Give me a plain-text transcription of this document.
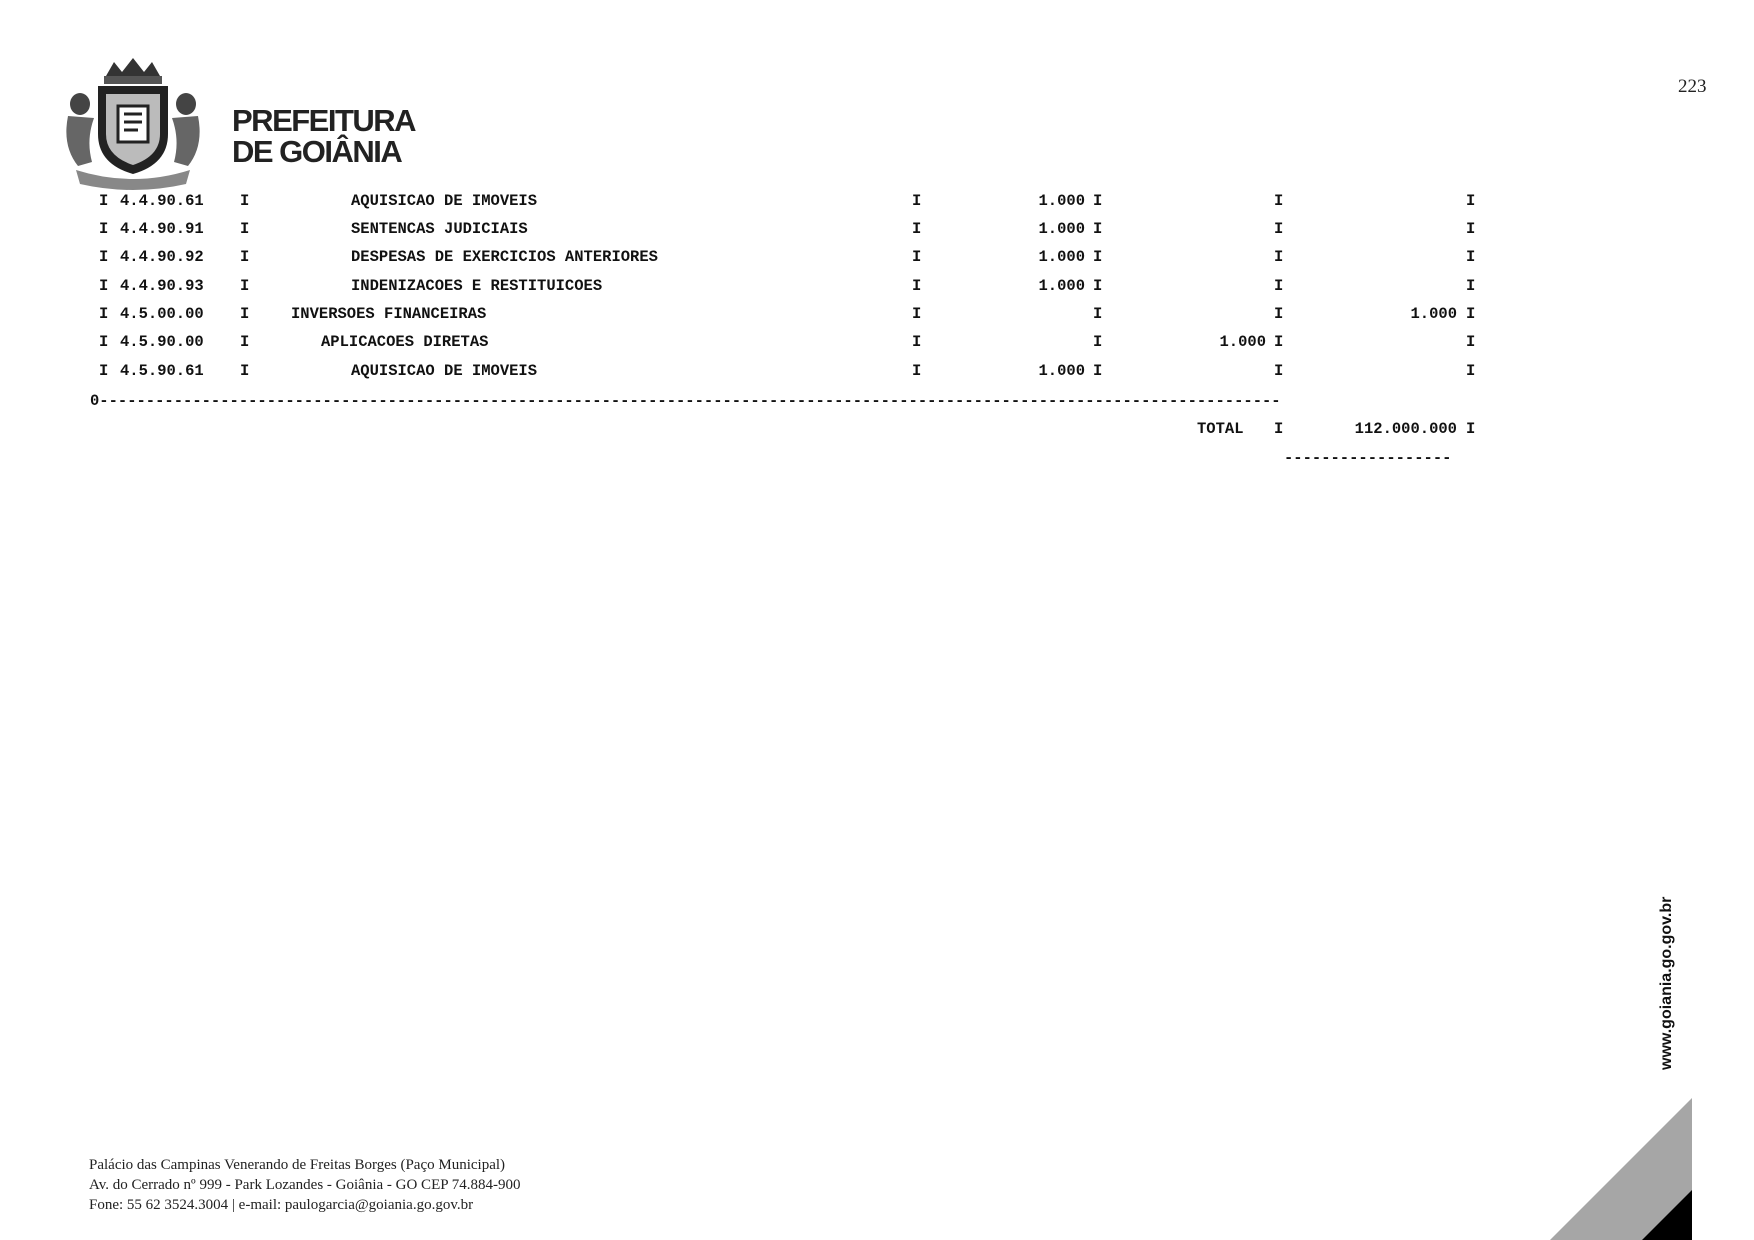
223
PREFEITURA
DE GOIÂNIA
I 4.4.90.61 I	AQUISICAO DE IMOVEIS	I	1.000 I	I	I
I 4.4.90.91 I	SENTENCAS JUDICIAIS	I	1.000 I	I	I
I 4.4.90.92 I	DESPESAS DE EXERCICIOS ANTERIORES	I	1.000 I	I	I
I 4.4.90.93 I	INDENIZACOES E RESTITUICOES	I	1.000 I	I	I
I 4.5.00.00 I	INVERSOES FINANCEIRAS	I	I	I	1.000 I
I 4.5.90.00 I	APLICACOES DIRETAS	I	I	1.000 I	I
I 4.5.90.61 I	AQUISICAO DE IMOVEIS	I	1.000 I	I	I
0-------------------------------------------------------------------------------------------------------------------------------
TOTAL I	112.000.000 I
------------------
www.goiania.go.gov.br
Palácio das Campinas Venerando de Freitas Borges (Paço Municipal)
Av. do Cerrado nº 999 - Park Lozandes - Goiânia - GO CEP 74.884-900
Fone: 55 62 3524.3004 | e-mail: paulogarcia@goiania.go.gov.br
